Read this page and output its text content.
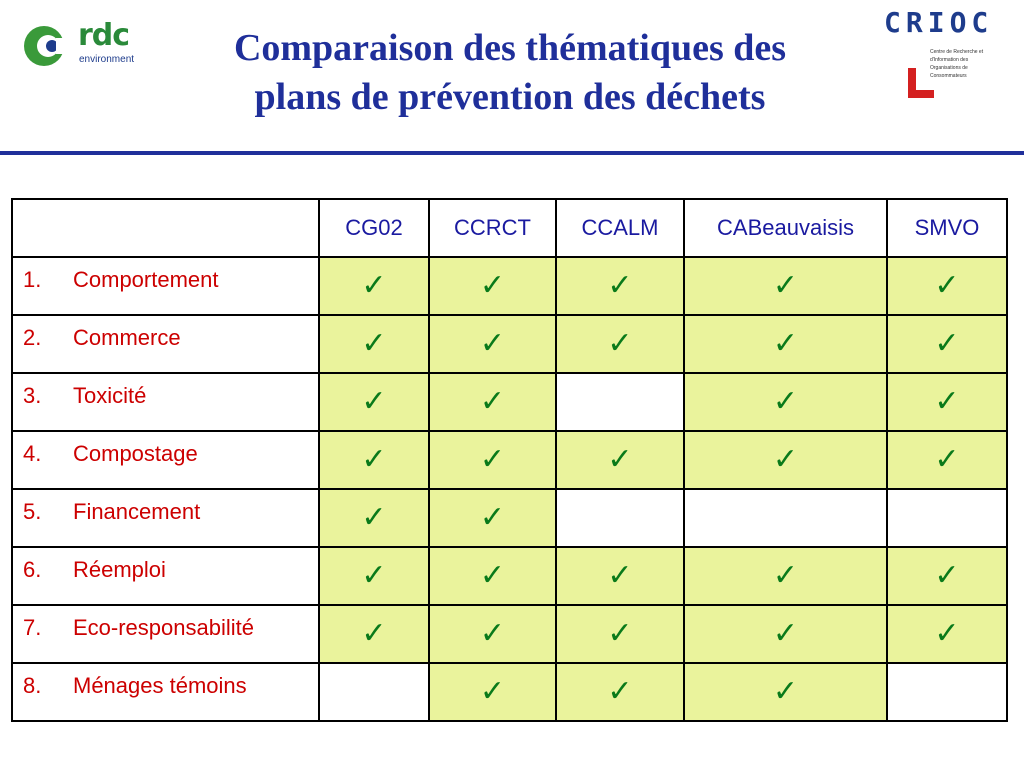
rdc
environment
CRIOC
Centre de Recherche et d'Information des Organisations de Consommateurs
Comparaison des thématiques des
plans de prévention des déchets
	CG02	CCRCT	CCALM	CABeauvaisis	SMVO
1. Comportement	✓	✓	✓	✓	✓
2. Commerce	✓	✓	✓	✓	✓
3. Toxicité	✓	✓		✓	✓
4. Compostage	✓	✓	✓	✓	✓
5. Financement	✓	✓			
6. Réemploi	✓	✓	✓	✓	✓
7. Eco-responsabilité	✓	✓	✓	✓	✓
8. Ménages témoins		✓	✓	✓	
